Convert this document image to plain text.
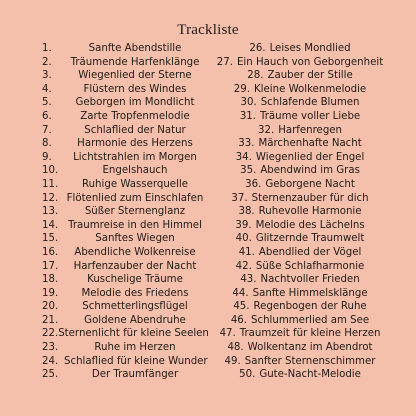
Trackliste
1.	Sanfte Abendstille
2.	Träumende Harfenklänge
3.	Wiegenlied der Sterne
4.	Flüstern des Windes
5.	Geborgen im Mondlicht
6.	Zarte Tropfenmelodie
7.	Schlaflied der Natur
8.	Harmonie des Herzens
9.	Lichtstrahlen im Morgen
10.	Engelshauch
11.	Ruhige Wasserquelle
12. Flötenlied zum Einschlafen
13.	Süßer Sternenglanz
14. Traumreise in den Himmel
15.	Sanftes Wiegen
16.	Abendliche Wolkenreise
17.	Harfenzauber der Nacht
18.	Kuschelige Träume
19.	Melodie des Friedens
20.	Schmetterlingsflügel
21.	Goldene Abendruhe
22. Sternenlicht für kleine Seelen
23.	Ruhe im Herzen
24. Schlaflied für kleine Wunder
25.	Der Traumfänger
26. Leises Mondlied
27. Ein Hauch von Geborgenheit
28. Zauber der Stille
29. Kleine Wolkenmelodie
30. Schlafende Blumen
31. Träume voller Liebe
32. Harfenregen
33. Märchenhafte Nacht
34. Wiegenlied der Engel
35. Abendwind im Gras
36. Geborgene Nacht
37. Sternenzauber für dich
38. Ruhevolle Harmonie
39. Melodie des Lächelns
40. Glitzernde Traumwelt
41. Abendlied der Vögel
42. Süße Schlafharmonie
43. Nachtvoller Frieden
44. Sanfte Himmelsklänge
45. Regenbogen der Ruhe
46. Schlummerlied am See
47. Traumzeit für kleine Herzen
48. Wolkentanz im Abendrot
49. Sanfter Sternenschimmer
50. Gute-Nacht-Melodie
